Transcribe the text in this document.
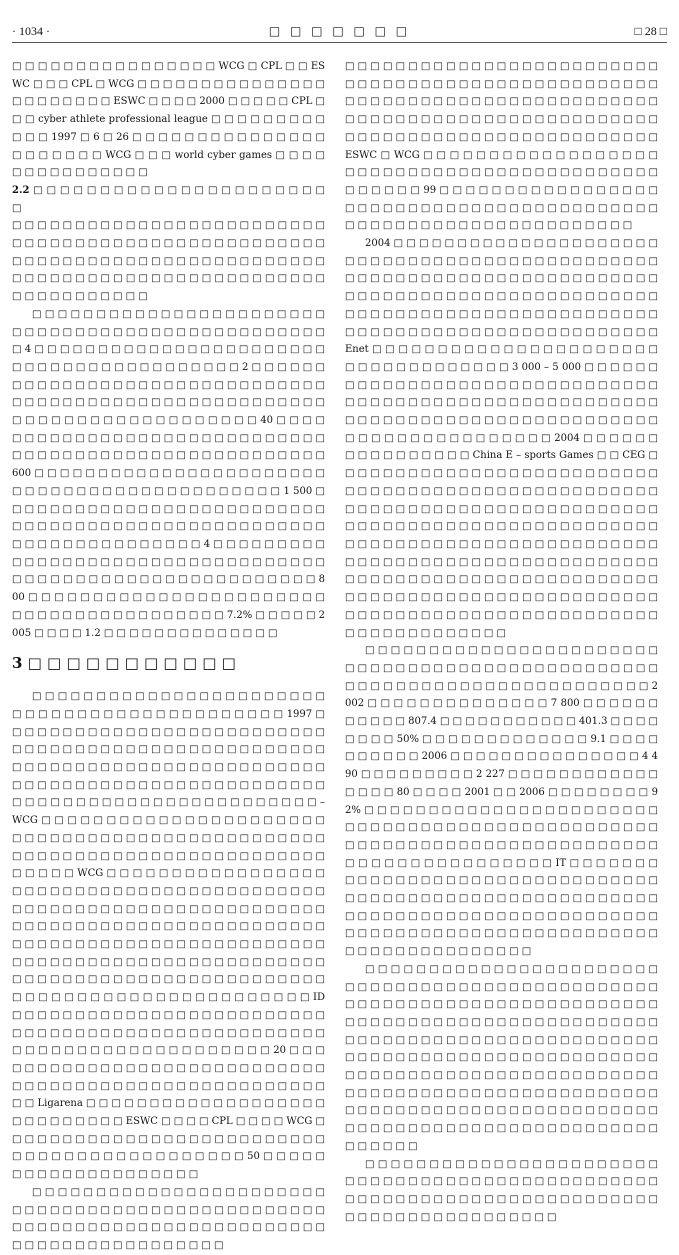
· 1034 ·	□ □ □ □ □ □ □	□ 28 □

□ □ □ □ □ □ □ □ □ □ □ □ □ □ □ □ WCG □ CPL □ □ ESWC □ □ □ CPL □ WCG □ □ □ □ □ □ □ □ □ □ □ □ □ □ □ □ □ □ □ □ □ □ □ ESWC □ □ □ □ 2000 □ □ □ □ □ CPL □ □ □ cyber athlete professional league □ □ □ □ □ □ □ □ □ □ □ □ 1997 □ 6 □ 26 □ □ □ □ □ □ □ □ □ □ □ □ □ □ □ □ □ □ □ □ □ □ WCG □ □ □ world cyber games □ □ □ □ □ □ □ □ □ □ □ □ □ □ □

2.2 □ □ □ □ □ □ □ □ □ □ □ □ □ □ □ □ □ □ □ □ □ □ □

□ □ □ □ □ □ □ □ □ □ □ □ □ □ □ □ □ □ □ □ □ □ □ □ □ □ □ □ □ □ □ □ □ □ □ □ □ □ □ □ □ □ □ □ □ □ □ □ □ □ □ □ □ □ □ □ □ □ □ □ □ □ □ □ □ □ □ □ □ □ □ □ □ □ □ □ □ □ □ □ □ □ □ □ □ □ □ □ □ □ □ □ □ □ □ □ □ □ □ □ □ □ □ □ □ □ □ □ □ □ □

□ □ □ □ □ □ □ □ □ □ □ □ □ □ □ □ □ □ □ □ □ □ □ □ □ □ □ □ □ □ □ □ □ □ □ □ □ □ □ □ □ □ □ □ □ □ □ □ □ 4 □ □ □ □ □ □ □ □ □ □ □ □ □ □ □ □ □ □ □ □ □ □ □ □ □ □ □ □ □ □ □ □ □ □ □ □ □ □ □ □ □ 2 □ □ □ □ □ □ □ □ □ □ □ □ □ □ □ □ □ □ □ □ □ □ □ □ □ □ □ □ □ □ □ □ □ □ □ □ □ □ □ □ □ □ □ □ □ □ □ □ □ □ □ □ □ □ □ □ □ □ □ □ □ □ □ □ □ □ □ □ □ □ □ □ □ □ □ 40 □ □ □ □ □ □ □ □ □ □ □ □ □ □ □ □ □ □ □ □ □ □ □ □ □ □ □ □ □ □ □ □ □ □ □ □ □ □ □ □ □ □ □ □ □ □ □ □ □ □ □ □ □ □ 600 □ □ □ □ □ □ □ □ □ □ □ □ □ □ □ □ □ □ □ □ □ □ □ □ □ □ □ □ □ □ □ □ □ □ □ □ □ □ □ □ □ □ □ □ 1 500 □ □ □ □ □ □ □ □ □ □ □ □ □ □ □ □ □ □ □ □ □ □ □ □ □ □ □ □ □ □ □ □ □ □ □ □ □ □ □ □ □ □ □ □ □ □ □ □ □ □ □ □ □ □ □ □ □ □ □ □ □ □ □ □ □ □ 4 □ □ □ □ □ □ □ □ □ □ □ □ □ □ □ □ □ □ □ □ □ □ □ □ □ □ □ □ □ □ □ □ □ □ □ □ □ □ □ □ □ □ □ □ □ □ □ □ □ □ □ □ □ □ □ □ □ □ 800 □ □ □ □ □ □ □ □ □ □ □ □ □ □ □ □ □ □ □ □ □ □ □ □ □ □ □ □ □ □ □ □ □ □ □ □ □ □ □ □ 7.2% □ □ □ □ □ 2005 □ □ □ □ 1.2 □ □ □ □ □ □ □ □ □ □ □ □ □ □

3 □ □ □ □ □ □ □ □ □ □ □

□ □ □ □ □ □ □ □ □ □ □ □ □ □ □ □ □ □ □ □ □ □ □ □ □ □ □ □ □ □ □ □ □ □ □ □ □ □ □ □ □ □ □ □ 1997 □ □ □ □ □ □ □ □ □ □ □ □ □ □ □ □ □ □ □ □ □ □ □ □ □ □ □ □ □ □ □ □ □ □ □ □ □ □ □ □ □ □ □ □ □ □ □ □ □ □ □ □ □ □ □ □ □ □ □ □ □ □ □ □ □ □ □ □ □ □ □ □ □ □ □ □ □ □ □ □ □ □ □ □ □ □ □ □ □ □ □ □ □ □ □ □ □ □ □ □ □ □ □ □ □ □ □ □ □ □ □ □ □ □ □ □ □ □ □ □ □ □ □ □ □ – WCG □ □ □ □ □ □ □ □ □ □ □ □ □ □ □ □ □ □ □ □ □ □ □ □ □ □ □ □ □ □ □ □ □ □ □ □ □ □ □ □ □ □ □ □ □ □ □ □ □ □ □ □ □ □ □ □ □ □ □ □ □ □ □ □ □ □ □ □ □ □ □ □ □ □ □ □ □ WCG □ □ □ □ □ □ □ □ □ □ □ □ □ □ □ □ □ □ □ □ □ □ □ □ □ □ □ □ □ □ □ □ □ □ □ □ □ □ □ □ □ □ □ □ □ □ □ □ □ □ □ □ □ □ □ □ □ □ □ □ □ □ □ □ □ □ □ □ □ □ □ □ □ □ □ □ □ □ □ □ □ □ □ □ □ □ □ □ □ □ □ □ □ □ □ □ □ □ □ □ □ □ □ □ □ □ □ □ □ □ □ □ □ □ □ □ □ □ □ □ □ □ □ □ □ □ □ □ □ □ □ □ □ □ □ □ □ □ □ □ □ □ □ □ □ □ □ □ □ □ □ □ □ □ □ □ □ □ □ □ □ □ □ □ □ □ □ □ □ □ □ □ □ □ □ □ □ □ □ □ □ □ □ □ □ □ □ □ □ □ ID □ □ □ □ □ □ □ □ □ □ □ □ □ □ □ □ □ □ □ □ □ □ □ □ □ □ □ □ □ □ □ □ □ □ □ □ □ □ □ □ □ □ □ □ □ □ □ □ □ □ □ □ □ □ □ □ □ □ □ □ □ □ □ □ □ □ □ □ □ □ 20 □ □ □ □ □ □ □ □ □ □ □ □ □ □ □ □ □ □ □ □ □ □ □ □ □ □ □ □ □ □ □ □ □ □ □ □ □ □ □ □ □ □ □ □ □ □ □ □ □ □ □ □ □ □ □ Ligarena □ □ □ □ □ □ □ □ □ □ □ □ □ □ □ □ □ □ □ □ □ □ □ □ □ □ □ □ ESWC □ □ □ □ CPL □ □ □ □ WCG □ □ □ □ □ □ □ □ □ □ □ □ □ □ □ □ □ □ □ □ □ □ □ □ □ □ □ □ □ □ □ □ □ □ □ □ □ □ □ □ □ □ □ □ 50 □ □ □ □ □ □ □ □ □ □ □ □ □ □ □ □ □ □ □ □

□ □ □ □ □ □ □ □ □ □ □ □ □ □ □ □ □ □ □ □ □ □ □ □ □ □ □ □ □ □ □ □ □ □ □ □ □ □ □ □ □ □ □ □ □ □ □ □ □ □ □ □ □ □ □ □ □ □ □ □ □ □ □ □ □ □ □ □ □ □ □ □ □ □ □ □ □ □ □ □ □ □ □ □ □ □ □ □ □ □

□ □ □ □ □ □ □ □ □ □ □ □ □ □ □ □ □ □ □ □ □ □ □ □ □ □ □ □ □ □ □ □ □ □ □ □ □ □ □ □ □ □ □ □ □ □ □ □ □ □ □ □ □ □ □ □ □ □ □ □ □ □ □ □ □ □ □ □ □ □ □ □ □ □ □ □ □ □ □ □ □ □ □ □ □ □ □ □ □ □ □ □ □ □ □ □ □ □ □ □ □ □ □ □ □ □ □ □ □ □ □ □ □ □ □ □ □ □ □ □ □ □ □ □ □ ESWC □ WCG □ □ □ □ □ □ □ □ □ □ □ □ □ □ □ □ □ □ □ □ □ □ □ □ □ □ □ □ □ □ □ □ □ □ □ □ □ □ □ □ □ □ □ □ □ □ □ □ □ 99 □ □ □ □ □ □ □ □ □ □ □ □ □ □ □ □ □ □ □ □ □ □ □ □ □ □ □ □ □ □ □ □ □ □ □ □ □ □ □ □ □ □ □ □ □ □ □ □ □ □ □ □ □ □ □ □ □ □ □ □ □ □ □ □ □

2004 □ □ □ □ □ □ □ □ □ □ □ □ □ □ □ □ □ □ □ □ □ □ □ □ □ □ □ □ □ □ □ □ □ □ □ □ □ □ □ □ □ □ □ □ □ □ □ □ □ □ □ □ □ □ □ □ □ □ □ □ □ □ □ □ □ □ □ □ □ □ □ □ □ □ □ □ □ □ □ □ □ □ □ □ □ □ □ □ □ □ □ □ □ □ □ □ □ □ □ □ □ □ □ □ □ □ □ □ □ □ □ □ □ □ □ □ □ □ □ □ □ □ □ □ □ □ □ □ □ □ □ □ □ □ □ □ □ □ □ □ □ □ □ □ □ □ Enet □ □ □ □ □ □ □ □ □ □ □ □ □ □ □ □ □ □ □ □ □ □ □ □ □ □ □ □ □ □ □ □ □ □ □ 3 000 – 5 000 □ □ □ □ □ □ □ □ □ □ □ □ □ □ □ □ □ □ □ □ □ □ □ □ □ □ □ □ □ □ □ □ □ □ □ □ □ □ □ □ □ □ □ □ □ □ □ □ □ □ □ □ □ □ □ □ □ □ □ □ □ □ □ □ □ □ □ □ □ □ □ □ □ □ □ □ □ □ □ □ □ □ □ □ □ □ □ □ □ □ □ □ □ □ □ □ □ 2004 □ □ □ □ □ □ □ □ □ □ □ □ □ □ □ □ China E – sports Games □ □ CEG □ □ □ □ □ □ □ □ □ □ □ □ □ □ □ □ □ □ □ □ □ □ □ □ □ □ □ □ □ □ □ □ □ □ □ □ □ □ □ □ □ □ □ □ □ □ □ □ □ □ □ □ □ □ □ □ □ □ □ □ □ □ □ □ □ □ □ □ □ □ □ □ □ □ □ □ □ □ □ □ □ □ □ □ □ □ □ □ □ □ □ □ □ □ □ □ □ □ □ □ □ □ □ □ □ □ □ □ □ □ □ □ □ □ □ □ □ □ □ □ □ □ □ □ □ □ □ □ □ □ □ □ □ □ □ □ □ □ □ □ □ □ □ □ □ □ □ □ □ □ □ □ □ □ □ □ □ □ □ □ □ □ □ □ □ □ □ □ □ □ □ □ □ □ □ □ □ □ □ □ □ □ □ □ □ □ □ □ □ □ □ □ □ □ □ □ □ □ □ □ □ □ □ □ □ □ □ □ □ □ □ □ □ □ □ □ □ □ □ □ □ □ □ □ □ □ □ □ □ □ □ □ □ □ □ □ □ □ □

□ □ □ □ □ □ □ □ □ □ □ □ □ □ □ □ □ □ □ □ □ □ □ □ □ □ □ □ □ □ □ □ □ □ □ □ □ □ □ □ □ □ □ □ □ □ □ □ □ □ □ □ □ □ □ □ □ □ □ □ □ □ □ □ □ □ □ □ □ □ □ □ 2002 □ □ □ □ □ □ □ □ □ □ □ □ □ □ 7 800 □ □ □ □ □ □ □ □ □ □ □ 807.4 □ □ □ □ □ □ □ □ □ □ □ 401.3 □ □ □ □ □ □ □ □ 50% □ □ □ □ □ □ □ □ □ □ □ □ □ 9.1 □ □ □ □ □ □ □ □ □ □ 2006 □ □ □ □ □ □ □ □ □ □ □ □ □ □ □ 4 490 □ □ □ □ □ □ □ □ □ 2 227 □ □ □ □ □ □ □ □ □ □ □ □ □ □ □ □ 80 □ □ □ □ 2001 □ □ 2006 □ □ □ □ □ □ □ □ 92% □ □ □ □ □ □ □ □ □ □ □ □ □ □ □ □ □ □ □ □ □ □ □ □ □ □ □ □ □ □ □ □ □ □ □ □ □ □ □ □ □ □ □ □ □ □ □ □ □ □ □ □ □ □ □ □ □ □ □ □ □ □ □ □ □ □ □ □ □ □ □ □ □ □ □ □ □ □ □ □ □ □ □ □ □ □ □ □ □ IT □ □ □ □ □ □ □ □ □ □ □ □ □ □ □ □ □ □ □ □ □ □ □ □ □ □ □ □ □ □ □ □ □ □ □ □ □ □ □ □ □ □ □ □ □ □ □ □ □ □ □ □ □ □ □ □ □ □ □ □ □ □ □ □ □ □ □ □ □ □ □ □ □ □ □ □ □ □ □ □ □ □ □ □ □ □ □ □ □ □ □ □ □ □ □ □ □ □ □ □ □ □ □ □ □ □ □ □ □ □ □ □ □ □ □ □ □ □ □ □ □ □

□ □ □ □ □ □ □ □ □ □ □ □ □ □ □ □ □ □ □ □ □ □ □ □ □ □ □ □ □ □ □ □ □ □ □ □ □ □ □ □ □ □ □ □ □ □ □ □ □ □ □ □ □ □ □ □ □ □ □ □ □ □ □ □ □ □ □ □ □ □ □ □ □ □ □ □ □ □ □ □ □ □ □ □ □ □ □ □ □ □ □ □ □ □ □ □ □ □ □ □ □ □ □ □ □ □ □ □ □ □ □ □ □ □ □ □ □ □ □ □ □ □ □ □ □ □ □ □ □ □ □ □ □ □ □ □ □ □ □ □ □ □ □ □ □ □ □ □ □ □ □ □ □ □ □ □ □ □ □ □ □ □ □ □ □ □ □ □ □ □ □ □ □ □ □ □ □ □ □ □ □ □ □ □ □ □ □ □ □ □ □ □ □ □ □ □ □ □ □ □ □ □ □ □ □ □ □ □ □ □ □ □ □ □ □ □ □ □ □ □ □ □ □ □ □ □ □ □ □ □ □ □ □ □ □ □ □ □ □ □ □ □ □ □ □ □ □ □ □ □ □ □ □ □

□ □ □ □ □ □ □ □ □ □ □ □ □ □ □ □ □ □ □ □ □ □ □ □ □ □ □ □ □ □ □ □ □ □ □ □ □ □ □ □ □ □ □ □ □ □ □ □ □ □ □ □ □ □ □ □ □ □ □ □ □ □ □ □ □ □ □ □ □ □ □ □ □ □ □ □ □ □ □ □ □ □ □ □ □ □ □ □ □ □
